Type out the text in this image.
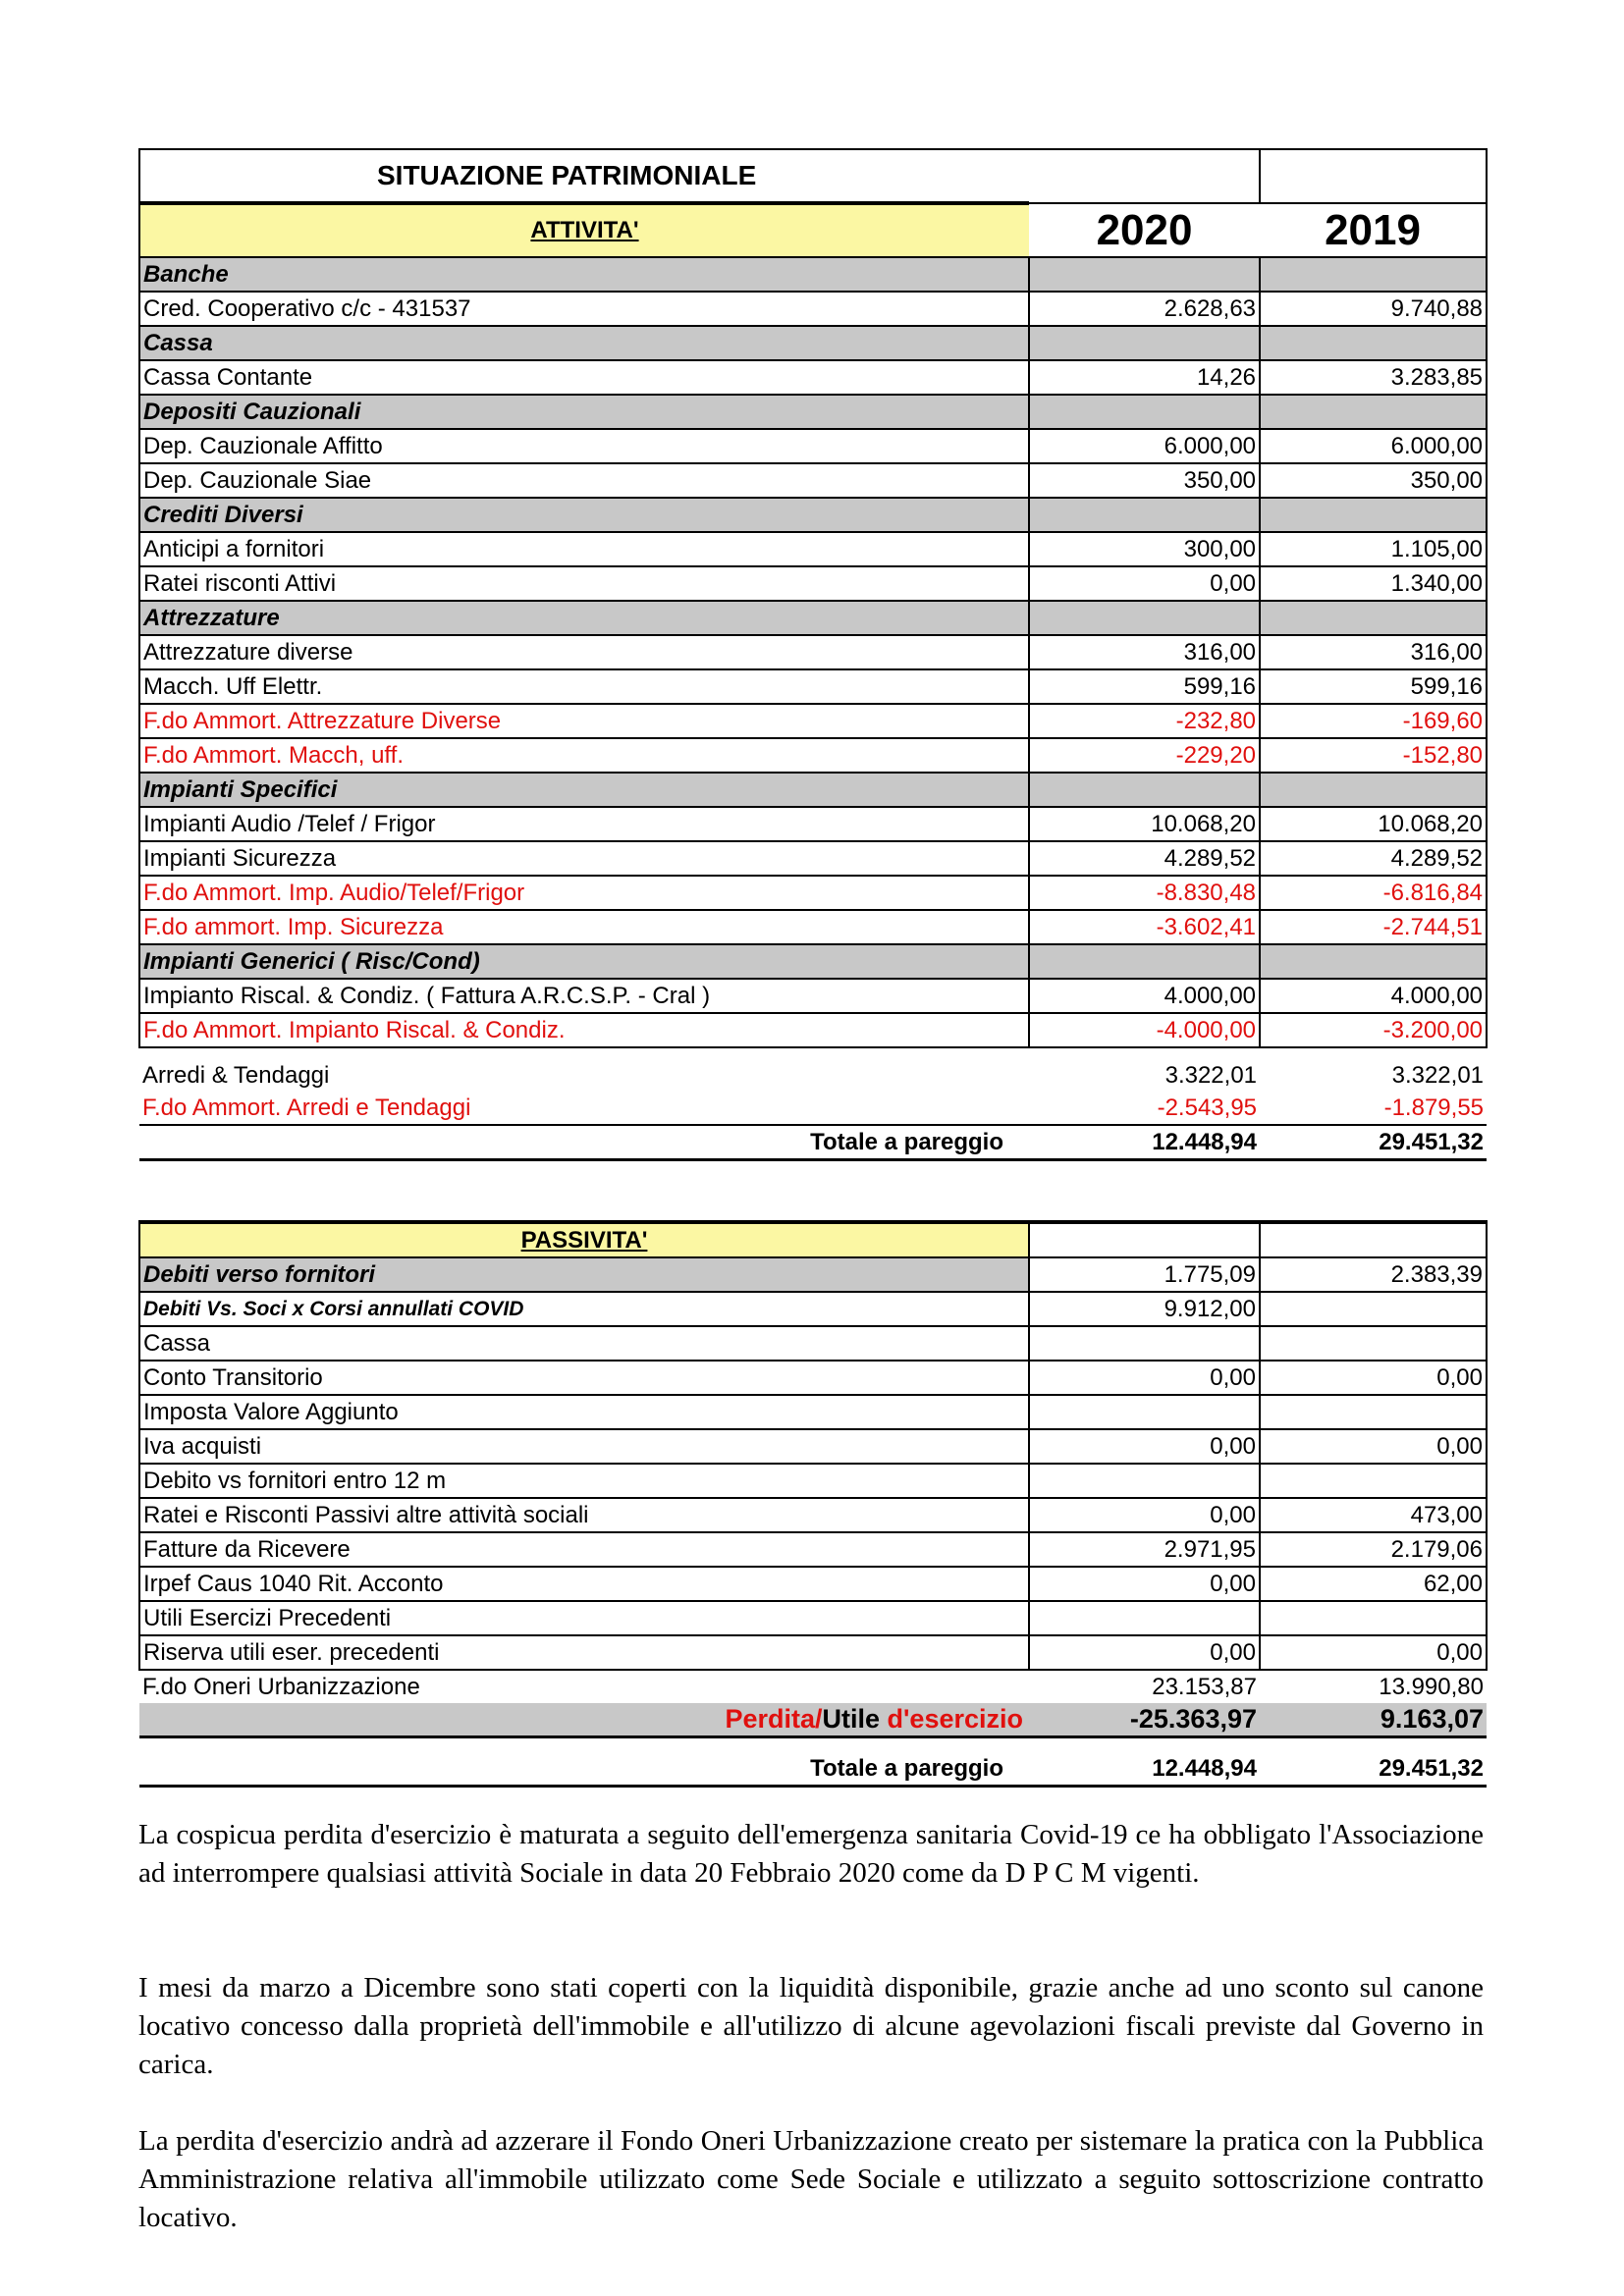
SITUAZIONE PATRIMONIALE		
ATTIVITA'	2020	2019
Banche		
Cred. Cooperativo c/c - 431537	2.628,63	9.740,88
Cassa		
Cassa Contante	14,26	3.283,85
Depositi Cauzionali		
Dep. Cauzionale Affitto	6.000,00	6.000,00
Dep. Cauzionale Siae	350,00	350,00
Crediti Diversi		
Anticipi a fornitori	300,00	1.105,00
Ratei risconti Attivi	0,00	1.340,00
Attrezzature		
Attrezzature diverse	316,00	316,00
Macch. Uff Elettr.	599,16	599,16
F.do Ammort. Attrezzature Diverse	-232,80	-169,60
F.do Ammort. Macch, uff.	-229,20	-152,80
Impianti Specifici		
Impianti Audio /Telef / Frigor	10.068,20	10.068,20
Impianti Sicurezza	4.289,52	4.289,52
F.do Ammort. Imp. Audio/Telef/Frigor	-8.830,48	-6.816,84
F.do ammort. Imp. Sicurezza	-3.602,41	-2.744,51
Impianti Generici ( Risc/Cond)		
Impianto Riscal. & Condiz. ( Fattura A.R.C.S.P. - Cral )	4.000,00	4.000,00
F.do Ammort. Impianto Riscal. & Condiz.	-4.000,00	-3.200,00
Arredi & Tendaggi	3.322,01	3.322,01
F.do Ammort. Arredi e Tendaggi	-2.543,95	-1.879,55
Totale a pareggio	12.448,94	29.451,32
PASSIVITA'		
Debiti verso fornitori	1.775,09	2.383,39
Debiti Vs. Soci x Corsi annullati COVID	9.912,00	
Cassa		
Conto Transitorio	0,00	0,00
Imposta Valore Aggiunto		
Iva acquisti	0,00	0,00
Debito vs fornitori entro 12 m		
Ratei e Risconti Passivi altre attività sociali	0,00	473,00
Fatture da Ricevere	2.971,95	2.179,06
Irpef Caus 1040 Rit. Acconto	0,00	62,00
Utili Esercizi Precedenti		
Riserva utili eser. precedenti	0,00	0,00
F.do Oneri Urbanizzazione	23.153,87	13.990,80
Perdita/Utile d'esercizio	-25.363,97	9.163,07

Totale a pareggio	12.448,94	29.451,32

La cospicua perdita d'esercizio è maturata a seguito dell'emergenza sanitaria Covid-19 ce ha obbligato l'Associazione ad interrompere qualsiasi attività Sociale in data 20 Febbraio 2020 come da D P C M vigenti.

I mesi da marzo a Dicembre sono stati coperti con la liquidità disponibile, grazie anche ad uno sconto sul canone locativo concesso dalla proprietà dell'immobile e all'utilizzo di alcune agevolazioni fiscali previste dal Governo in carica.

La perdita d'esercizio andrà ad azzerare il Fondo Oneri Urbanizzazione creato per sistemare la pratica con la Pubblica Amministrazione relativa all'immobile utilizzato come Sede Sociale e utilizzato a seguito sottoscrizione contratto locativo.
